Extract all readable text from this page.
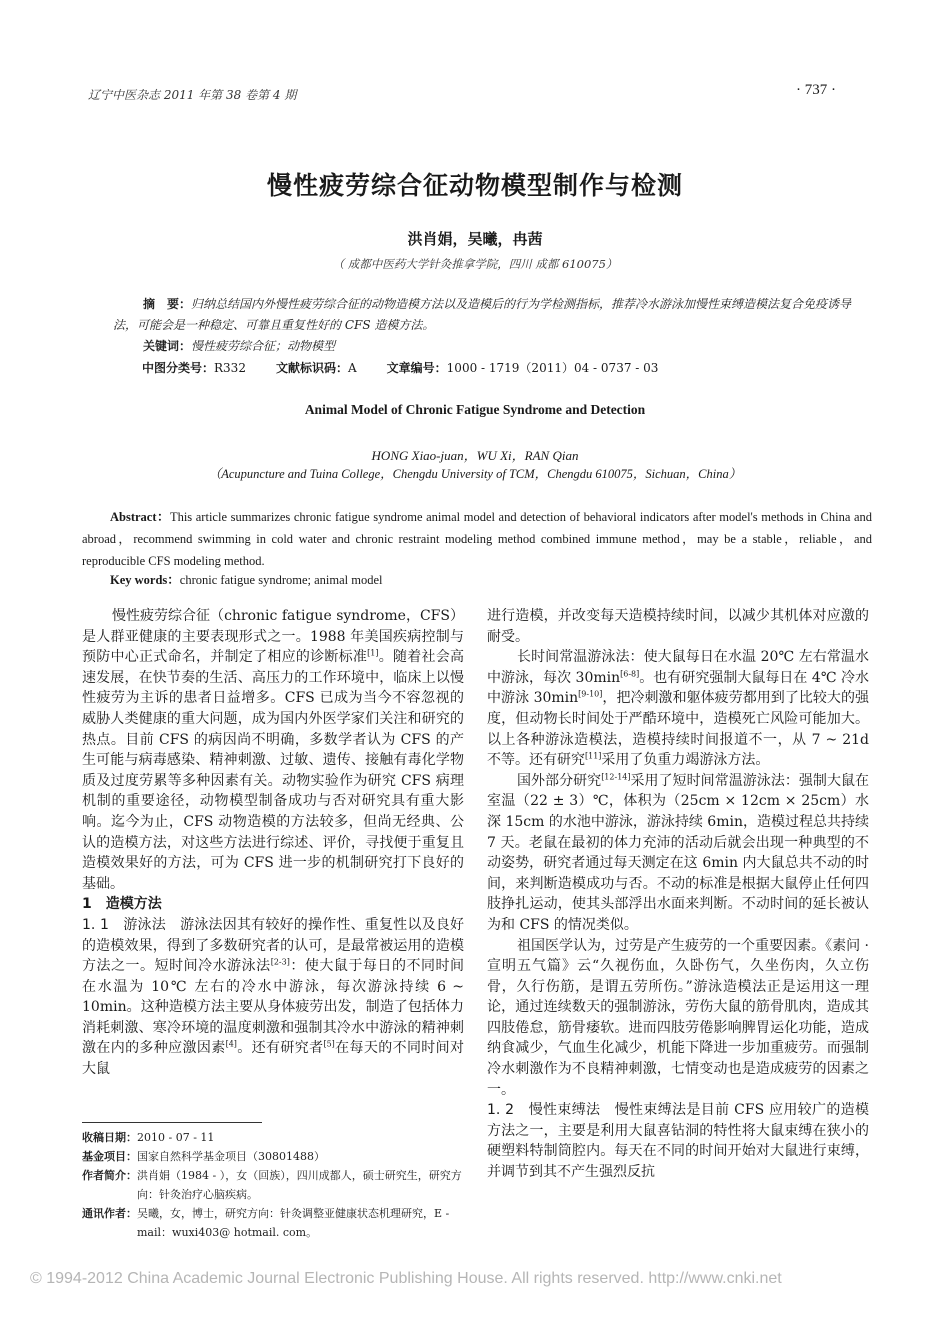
辽宁中医杂志 2011 年第 38 卷第 4 期	· 737 ·
慢性疲劳综合征动物模型制作与检测
洪肖娟，吴曦，冉茜
（ 成都中医药大学针灸推拿学院，四川 成都 610075）

摘　要：归纳总结国内外慢性疲劳综合征的动物造模方法以及造模后的行为学检测指标，推荐冷水游泳加慢性束缚造模法复合免疫诱导法，可能会是一种稳定、可靠且重复性好的 CFS 造模方法。

关键词：慢性疲劳综合征；动物模型

中图分类号：R332	文献标识码：A	文章编号：1000 - 1719（2011）04 - 0737 - 03
Animal Model of Chronic Fatigue Syndrome and Detection
HONG Xiao-juan，WU Xi，RAN Qian
（Acupuncture and Tuina College，Chengdu University of TCM，Chengdu 610075，Sichuan，China）
Abstract：This article summarizes chronic fatigue syndrome animal model and detection of behavioral indicators after model's methods in China and abroad，recommend swimming in cold water and chronic restraint modeling method combined immune method，may be a stable，reliable，and reproducible CFS modeling method.
Key words：chronic fatigue syndrome; animal model

慢性疲劳综合征（chronic fatigue syndrome，CFS）是人群亚健康的主要表现形式之一。1988 年美国疾病控制与预防中心正式命名，并制定了相应的诊断标准[1]。随着社会高速发展，在快节奏的生活、高压力的工作环境中，临床上以慢性疲劳为主诉的患者日益增多。CFS 已成为当今不容忽视的威胁人类健康的重大问题，成为国内外医学家们关注和研究的热点。目前 CFS 的病因尚不明确，多数学者认为 CFS 的产生可能与病毒感染、精神刺激、过敏、遗传、接触有毒化学物质及过度劳累等多种因素有关。动物实验作为研究 CFS 病理机制的重要途径，动物模型制备成功与否对研究具有重大影响。迄今为止，CFS 动物造模的方法较多，但尚无经典、公认的造模方法，对这些方法进行综述、评价，寻找便于重复且造模效果好的方法，可为 CFS 进一步的机制研究打下良好的基础。

1　造模方法

1. 1　游泳法　游泳法因其有较好的操作性、重复性以及良好的造模效果，得到了多数研究者的认可，是最常被运用的造模方法之一。短时间冷水游泳法[2-3]：使大鼠于每日的不同时间在水温为 10℃ 左右的冷水中游泳，每次游泳持续 6 ~ 10min。这种造模方法主要从身体疲劳出发，制造了包括体力消耗刺激、寒冷环境的温度刺激和强制其冷水中游泳的精神刺激在内的多种应激因素[4]。还有研究者[5]在每天的不同时间对大鼠

进行造模，并改变每天造模持续时间，以减少其机体对应激的耐受。

长时间常温游泳法：使大鼠每日在水温 20℃ 左右常温水中游泳，每次 30min[6-8]。也有研究强制大鼠每日在 4℃ 冷水中游泳 30min[9-10]，把冷刺激和躯体疲劳都用到了比较大的强度，但动物长时间处于严酷环境中，造模死亡风险可能加大。以上各种游泳造模法，造模持续时间报道不一，从 7 ~ 21d 不等。还有研究[11]采用了负重力竭游泳方法。

国外部分研究[12-14]采用了短时间常温游泳法：强制大鼠在室温（22 ± 3）℃，体积为（25cm × 12cm × 25cm）水深 15cm 的水池中游泳，游泳持续 6min，造模过程总共持续 7 天。老鼠在最初的体力充沛的活动后就会出现一种典型的不动姿势，研究者通过每天测定在这 6min 内大鼠总共不动的时间，来判断造模成功与否。不动的标准是根据大鼠停止任何四肢挣扎运动，使其头部浮出水面来判断。不动时间的延长被认为和 CFS 的情况类似。

祖国医学认为，过劳是产生疲劳的一个重要因素。《素问 · 宣明五气篇》云“久视伤血，久卧伤气，久坐伤肉，久立伤骨，久行伤筋，是谓五劳所伤。”游泳造模法正是运用这一理论，通过连续数天的强制游泳，劳伤大鼠的筋骨肌肉，造成其四肢倦怠，筋骨痿软。进而四肢劳倦影响脾胃运化功能，造成纳食减少，气血生化减少，机能下降进一步加重疲劳。而强制冷水刺激作为不良精神刺激，七情变动也是造成疲劳的因素之一。

1. 2　慢性束缚法　慢性束缚法是目前 CFS 应用较广的造模方法之一，主要是利用大鼠喜钻洞的特性将大鼠束缚在狭小的硬塑料特制筒腔内。每天在不同的时间开始对大鼠进行束缚，并调节到其不产生强烈反抗

收稿日期： 2010 - 07 - 11
基金项目： 国家自然科学基金项目（30801488）
作者简介： 洪肖娟（1984 - ），女（回族），四川成都人，硕士研究生，研究方向：针灸治疗心脑疾病。
通讯作者： 吴曦，女，博士，研究方向：针灸调整亚健康状态机理研究，E - mail：wuxi403@ hotmail. com。
© 1994-2012 China Academic Journal Electronic Publishing House. All rights reserved. http://www.cnki.net
